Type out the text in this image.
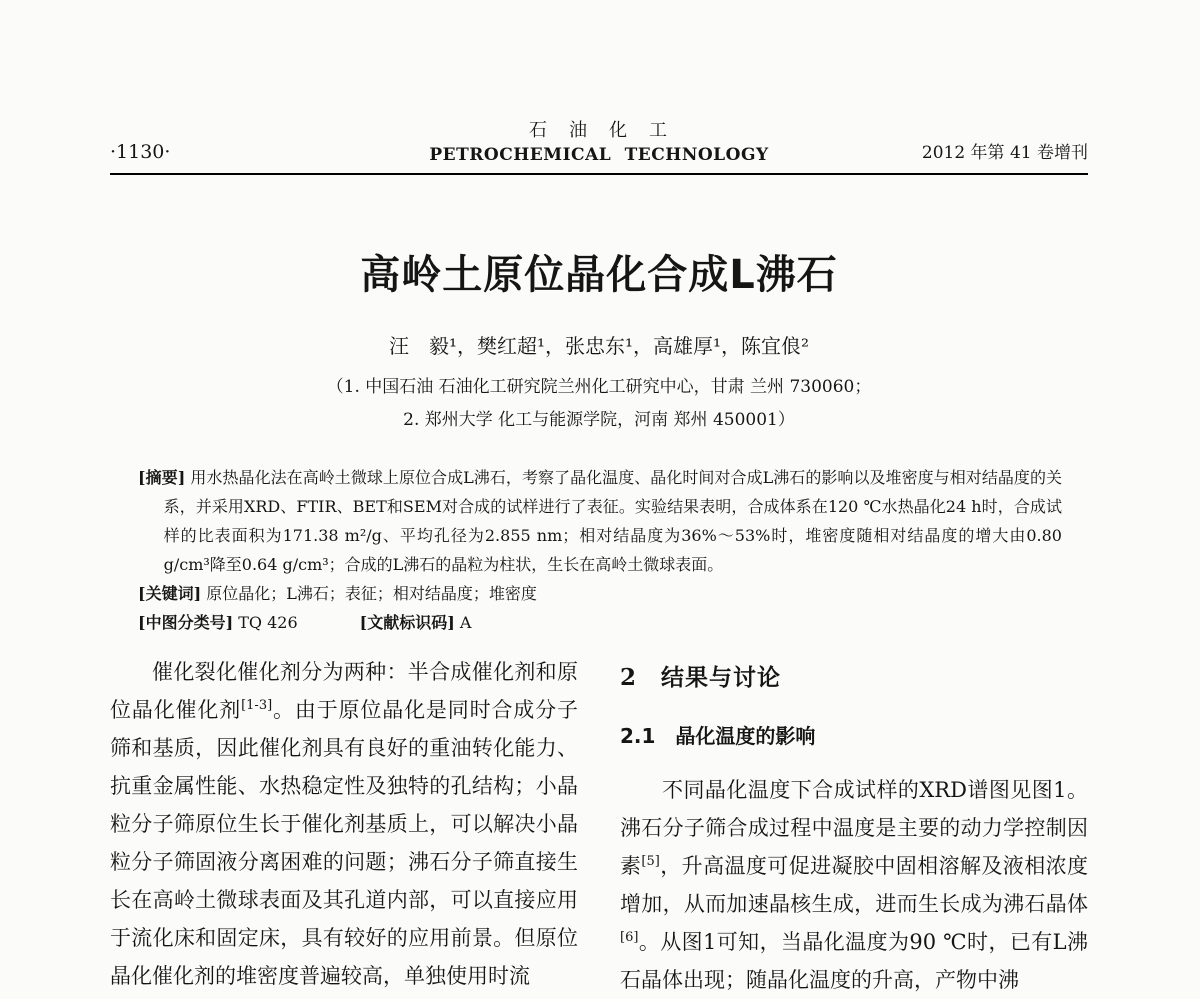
·1130·
石　油　化　工
PETROCHEMICAL TECHNOLOGY	2012 年第 41 卷增刊
高岭土原位晶化合成L沸石
汪　毅¹，樊红超¹，张忠东¹，高雄厚¹，陈宜俍²
（1. 中国石油 石油化工研究院兰州化工研究中心，甘肃 兰州 730060；
2. 郑州大学 化工与能源学院，河南 郑州 450001）

[摘要] 用水热晶化法在高岭土微球上原位合成L沸石，考察了晶化温度、晶化时间对合成L沸石的影响以及堆密度与相对结晶度的关系，并采用XRD、FTIR、BET和SEM对合成的试样进行了表征。实验结果表明，合成体系在120 ℃水热晶化24 h时，合成试样的比表面积为171.38 m²/g、平均孔径为2.855 nm；相对结晶度为36%～53%时，堆密度随相对结晶度的增大由0.80 g/cm³降至0.64 g/cm³；合成的L沸石的晶粒为柱状，生长在高岭土微球表面。

[关键词] 原位晶化；L沸石；表征；相对结晶度；堆密度

[中图分类号] TQ 426	[文献标识码] A

催化裂化催化剂分为两种：半合成催化剂和原位晶化催化剂[1-3]。由于原位晶化是同时合成分子筛和基质，因此催化剂具有良好的重油转化能力、抗重金属性能、水热稳定性及独特的孔结构；小晶粒分子筛原位生长于催化剂基质上，可以解决小晶粒分子筛固液分离困难的问题；沸石分子筛直接生长在高岭土微球表面及其孔道内部，可以直接应用于流化床和固定床，具有较好的应用前景。但原位晶化催化剂的堆密度普遍较高，单独使用时流

2　结果与讨论
2.1　晶化温度的影响

不同晶化温度下合成试样的XRD谱图见图1。沸石分子筛合成过程中温度是主要的动力学控制因素[5]，升高温度可促进凝胶中固相溶解及液相浓度增加，从而加速晶核生成，进而生长成为沸石晶体[6]。从图1可知，当晶化温度为90 ℃时，已有L沸石晶体出现；随晶化温度的升高，产物中沸
